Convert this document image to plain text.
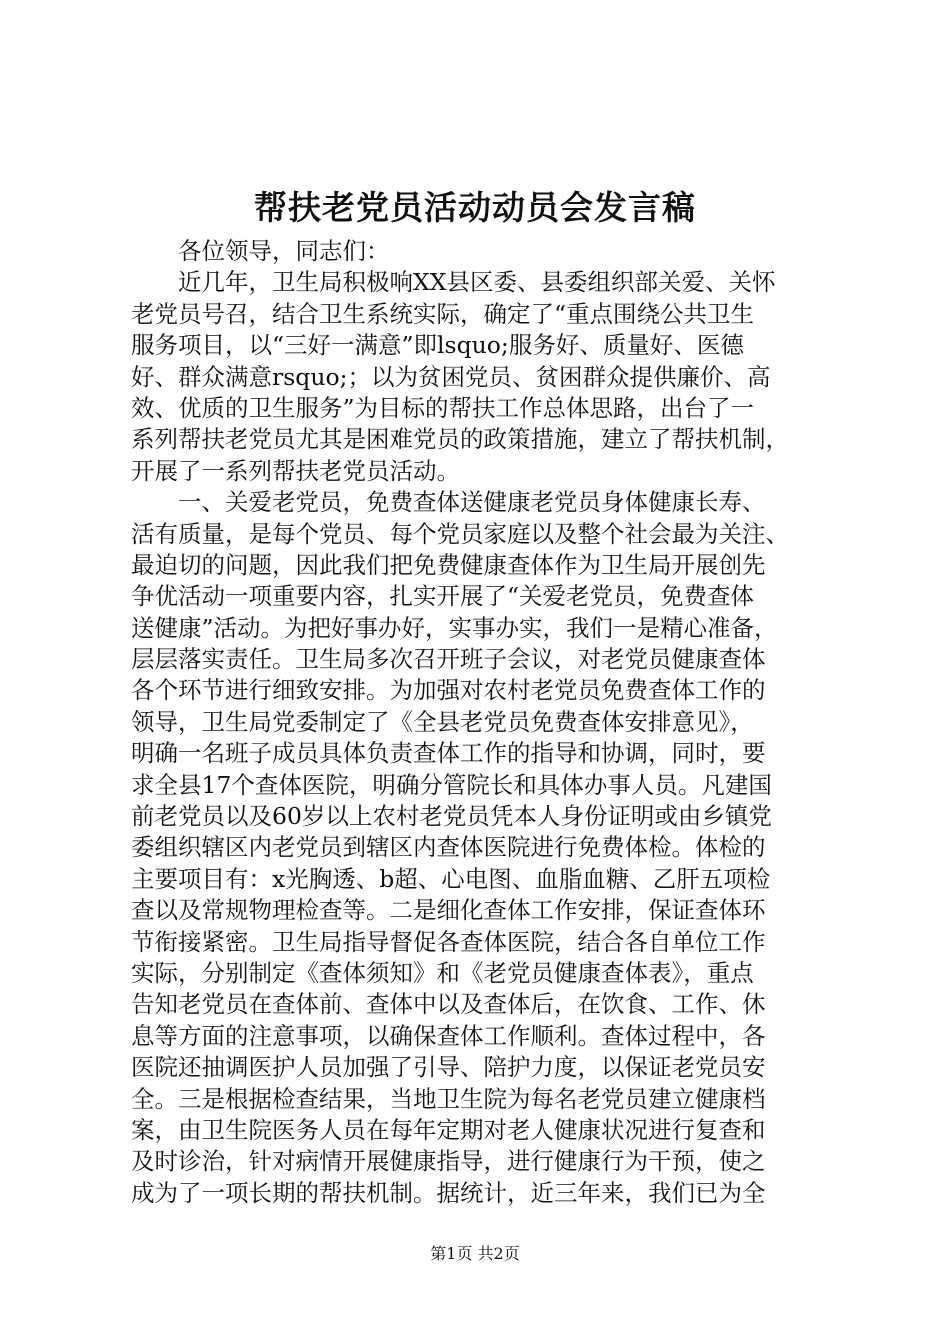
帮扶老党员活动动员会发言稿
　　各位领导，同志们：
　　近几年，卫生局积极响XX县区委、县委组织部关爱、关怀
老党员号召，结合卫生系统实际，确定了“重点围绕公共卫生
服务项目，以“三好一满意”即lsquo;服务好、质量好、医德
好、群众满意rsquo;；以为贫困党员、贫困群众提供廉价、高
效、优质的卫生服务”为目标的帮扶工作总体思路，出台了一
系列帮扶老党员尤其是困难党员的政策措施，建立了帮扶机制，
开展了一系列帮扶老党员活动。
　　一、关爱老党员，免费查体送健康老党员身体健康长寿、
活有质量，是每个党员、每个党员家庭以及整个社会最为关注、
最迫切的问题，因此我们把免费健康查体作为卫生局开展创先
争优活动一项重要内容，扎实开展了“关爱老党员，免费查体
送健康”活动。为把好事办好，实事办实，我们一是精心准备，
层层落实责任。卫生局多次召开班子会议，对老党员健康查体
各个环节进行细致安排。为加强对农村老党员免费查体工作的
领导，卫生局党委制定了《全县老党员免费查体安排意见》，
明确一名班子成员具体负责查体工作的指导和协调，同时，要
求全县17个查体医院，明确分管院长和具体办事人员。凡建国
前老党员以及60岁以上农村老党员凭本人身份证明或由乡镇党
委组织辖区内老党员到辖区内查体医院进行免费体检。体检的
主要项目有：x光胸透、b超、心电图、血脂血糖、乙肝五项检
查以及常规物理检查等。二是细化查体工作安排，保证查体环
节衔接紧密。卫生局指导督促各查体医院，结合各自单位工作
实际，分别制定《查体须知》和《老党员健康查体表》，重点
告知老党员在查体前、查体中以及查体后，在饮食、工作、休
息等方面的注意事项，以确保查体工作顺利。查体过程中，各
医院还抽调医护人员加强了引导、陪护力度，以保证老党员安
全。三是根据检查结果，当地卫生院为每名老党员建立健康档
案，由卫生院医务人员在每年定期对老人健康状况进行复查和
及时诊治，针对病情开展健康指导，进行健康行为干预，使之
成为了一项长期的帮扶机制。据统计，近三年来，我们已为全
第1页 共2页
